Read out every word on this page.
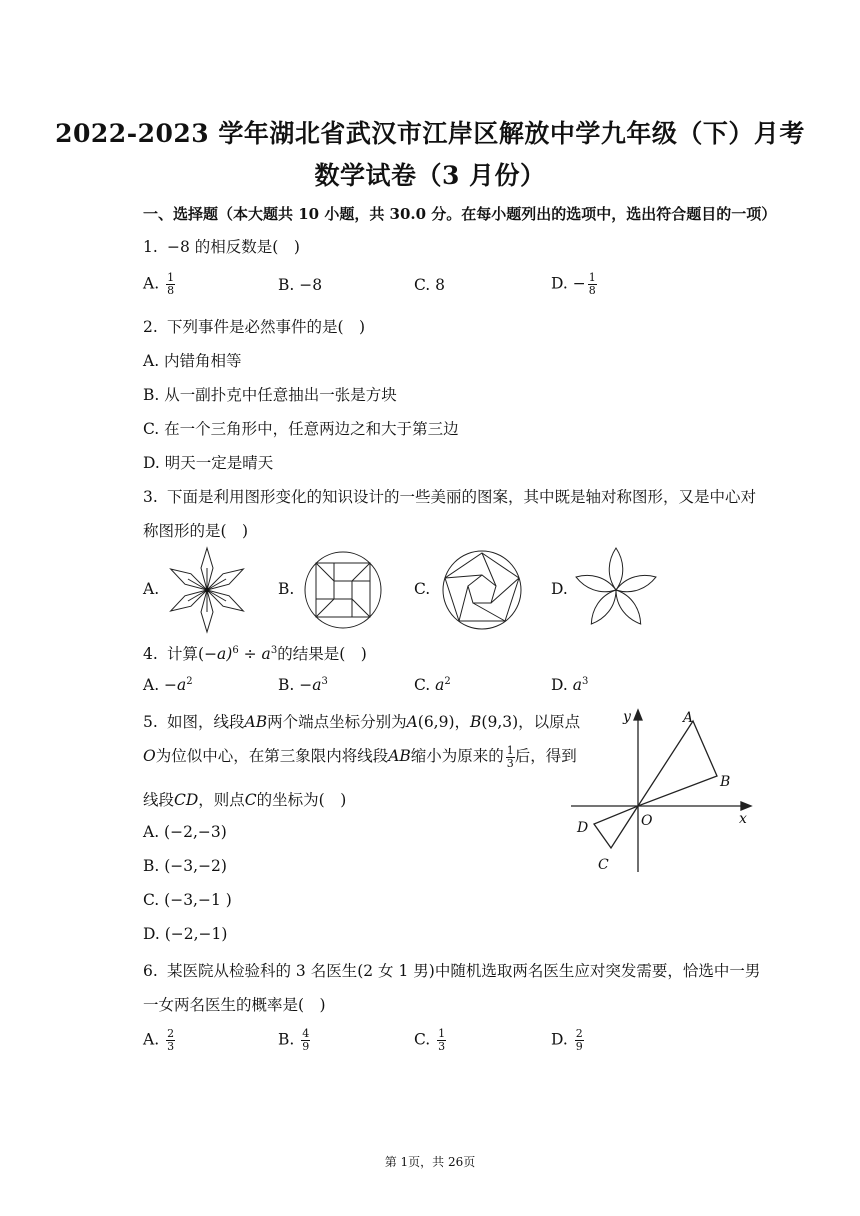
2022-2023 学年湖北省武汉市江岸区解放中学九年级（下）月考
数学试卷（3 月份）
一、选择题（本大题共 10 小题，共 30.0 分。在每小题列出的选项中，选出符合题目的一项）
1. −8 的相反数是(　)
A. $\frac{1}{8}$	B. −8	C. 8	D. − $\frac{1}{8}$
2. 下列事件是必然事件的是(　)
A. 内错角相等
B. 从一副扑克中任意抽出一张是方块
C. 在一个三角形中，任意两边之和大于第三边
D. 明天一定是晴天
3. 下面是利用图形变化的知识设计的一些美丽的图案，其中既是轴对称图形，又是中心对
称图形的是(　)
A.	B.	C.	D.
4. 计算(−𝑎)$^6$ ÷ 𝑎$^3$的结果是(　)
A. −𝑎$^2$	B. −𝑎$^3$	C. 𝑎$^2$	D. 𝑎$^3$
5. 如图，线段𝐴𝐵两个端点坐标分别为𝐴(6,9)，𝐵(9,3)，以原点
𝑂为位似中心，在第三象限内将线段𝐴𝐵缩小为原来的 $\frac{1}{3}$ 后，得到
线段𝐶𝐷，则点𝐶的坐标为(　)
A. (−2,−3)
B. (−3,−2)
C. (−3,−1 )
D. (−2,−1)
y
x
A
B
O
C
D
6. 某医院从检验科的 3 名医生(2 女 1 男)中随机选取两名医生应对突发需要，恰选中一男
一女两名医生的概率是(　)
A. $\frac{2}{3}$	B. $\frac{4}{9}$	C. $\frac{1}{3}$	D. $\frac{2}{9}$
第 1页，共 26页
